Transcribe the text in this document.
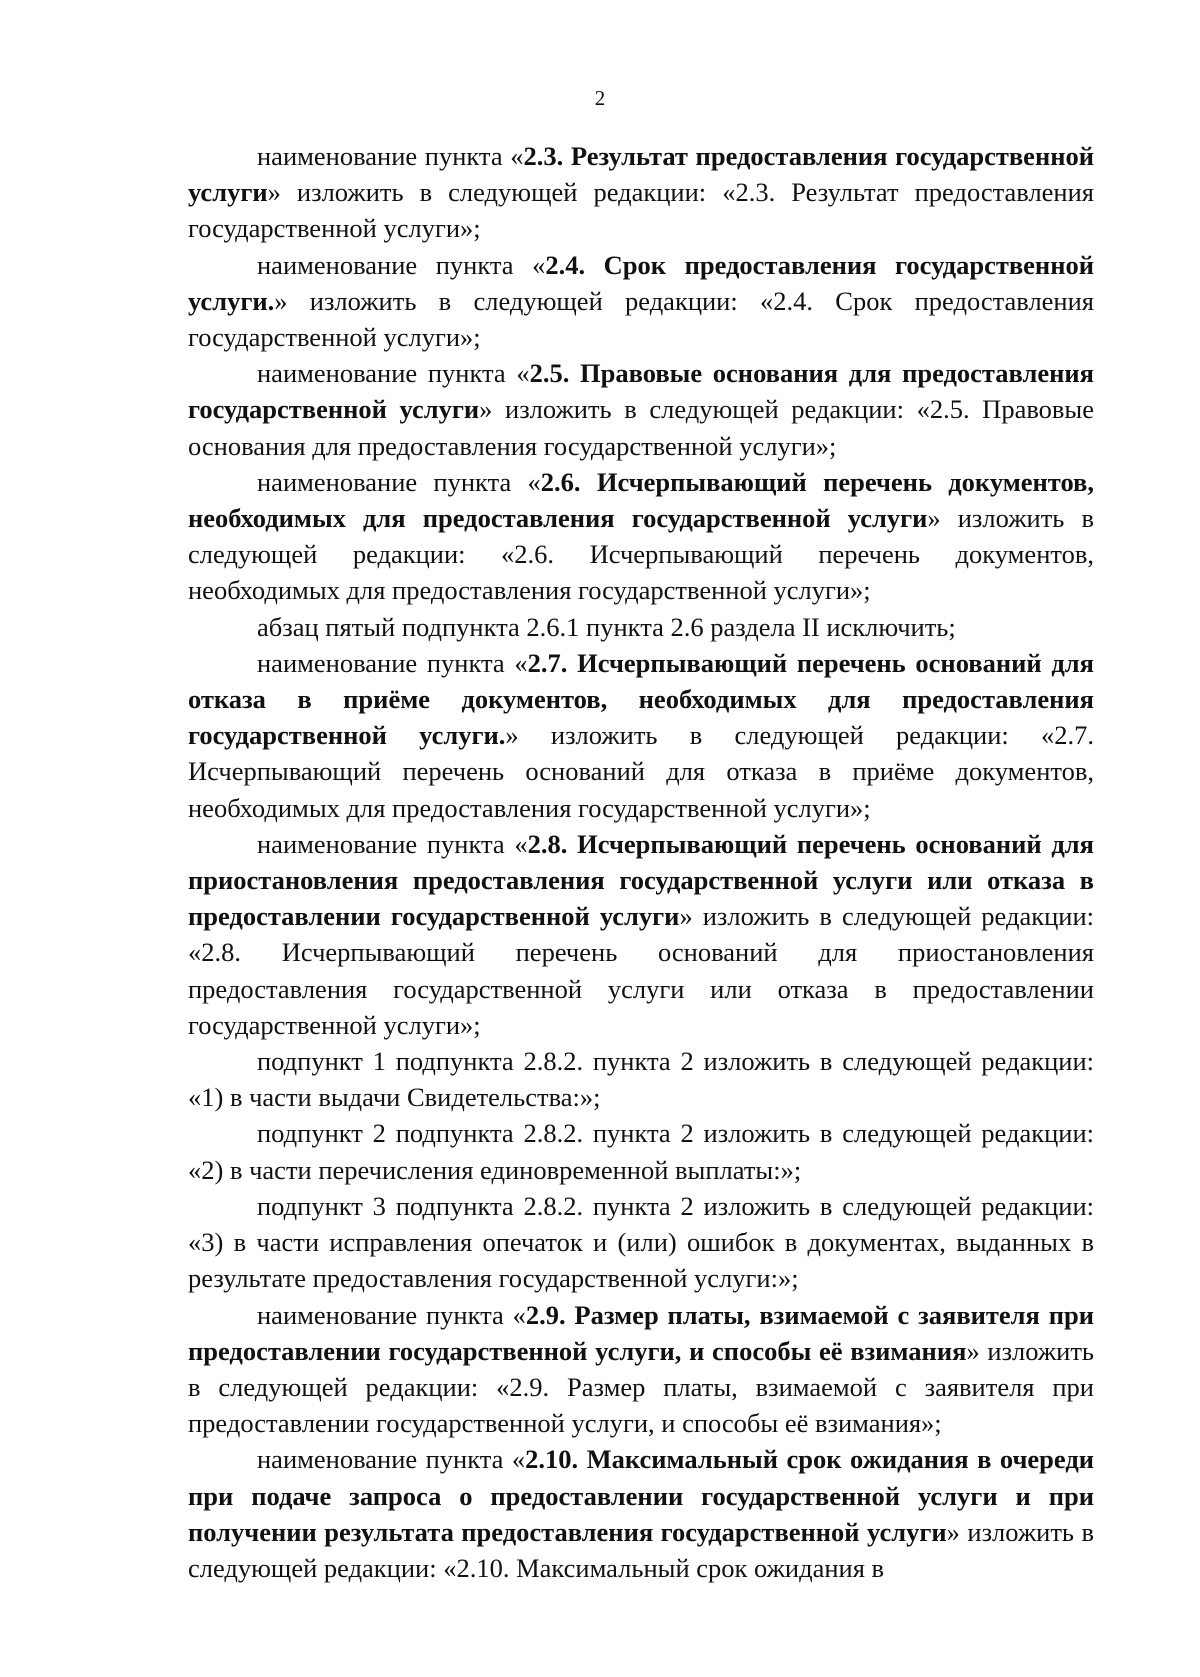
2

наименование пункта «2.3. Результат предоставления государственной услуги» изложить в следующей редакции: «2.3. Результат предоставления государственной услуги»;

наименование пункта «2.4. Срок предоставления государственной услуги.» изложить в следующей редакции: «2.4. Срок предоставления государственной услуги»;

наименование пункта «2.5. Правовые основания для предоставления государственной услуги» изложить в следующей редакции: «2.5. Правовые основания для предоставления государственной услуги»;

наименование пункта «2.6. Исчерпывающий перечень документов, необходимых для предоставления государственной услуги» изложить в следующей редакции: «2.6. Исчерпывающий перечень документов, необходимых для предоставления государственной услуги»;

абзац пятый подпункта 2.6.1 пункта 2.6 раздела II исключить;

наименование пункта «2.7. Исчерпывающий перечень оснований для отказа в приёме документов, необходимых для предоставления государственной услуги.» изложить в следующей редакции: «2.7. Исчерпывающий перечень оснований для отказа в приёме документов, необходимых для предоставления государственной услуги»;

наименование пункта «2.8. Исчерпывающий перечень оснований для приостановления предоставления государственной услуги или отказа в предоставлении государственной услуги» изложить в следующей редакции: «2.8. Исчерпывающий перечень оснований для приостановления предоставления государственной услуги или отказа в предоставлении государственной услуги»;

подпункт 1 подпункта 2.8.2. пункта 2 изложить в следующей редакции: «1) в части выдачи Свидетельства:»;

подпункт 2 подпункта 2.8.2. пункта 2 изложить в следующей редакции: «2) в части перечисления единовременной выплаты:»;

подпункт 3 подпункта 2.8.2. пункта 2 изложить в следующей редакции: «3) в части исправления опечаток и (или) ошибок в документах, выданных в результате предоставления государственной услуги:»;

наименование пункта «2.9. Размер платы, взимаемой с заявителя при предоставлении государственной услуги, и способы её взимания» изложить в следующей редакции: «2.9. Размер платы, взимаемой с заявителя при предоставлении государственной услуги, и способы её взимания»;

наименование пункта «2.10. Максимальный срок ожидания в очереди при подаче запроса о предоставлении государственной услуги и при получении результата предоставления государственной услуги» изложить в следующей редакции: «2.10. Максимальный срок ожидания в
